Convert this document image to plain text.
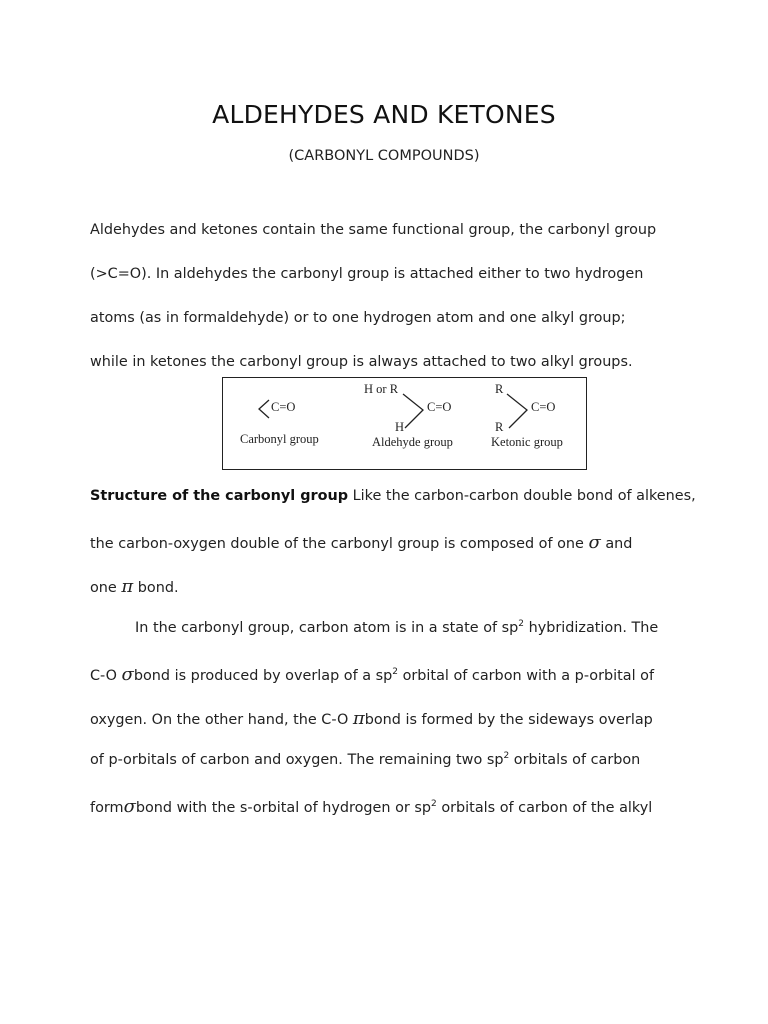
ALDEHYDES AND KETONES
(CARBONYL COMPOUNDS)
Aldehydes and ketones contain the same functional group, the carbonyl group
(>C=O). In aldehydes the carbonyl group is attached either to two hydrogen
atoms (as in formaldehyde) or to one hydrogen atom and one alkyl group;
while in ketones the carbonyl group is always attached to two alkyl groups.
C=O
Carbonyl group
H or R
C=O
H
Aldehyde group
R
C=O
R
Ketonic group
Structure of the carbonyl group Like the carbon-carbon double bond of alkenes,
the carbon-oxygen double of the carbonyl group is composed of one σ and
one π bond.
In the carbonyl group, carbon atom is in a state of $sp^2$ hybridization. The
C-O σbond is produced by overlap of a $sp^2$ orbital of carbon with a p-orbital of
oxygen. On the other hand, the C-O πbond is formed by the sideways overlap
of p-orbitals of carbon and oxygen. The remaining two $sp^2$ orbitals of carbon
formσbond with the s-orbital of hydrogen or $sp^2$ orbitals of carbon of the alkyl
